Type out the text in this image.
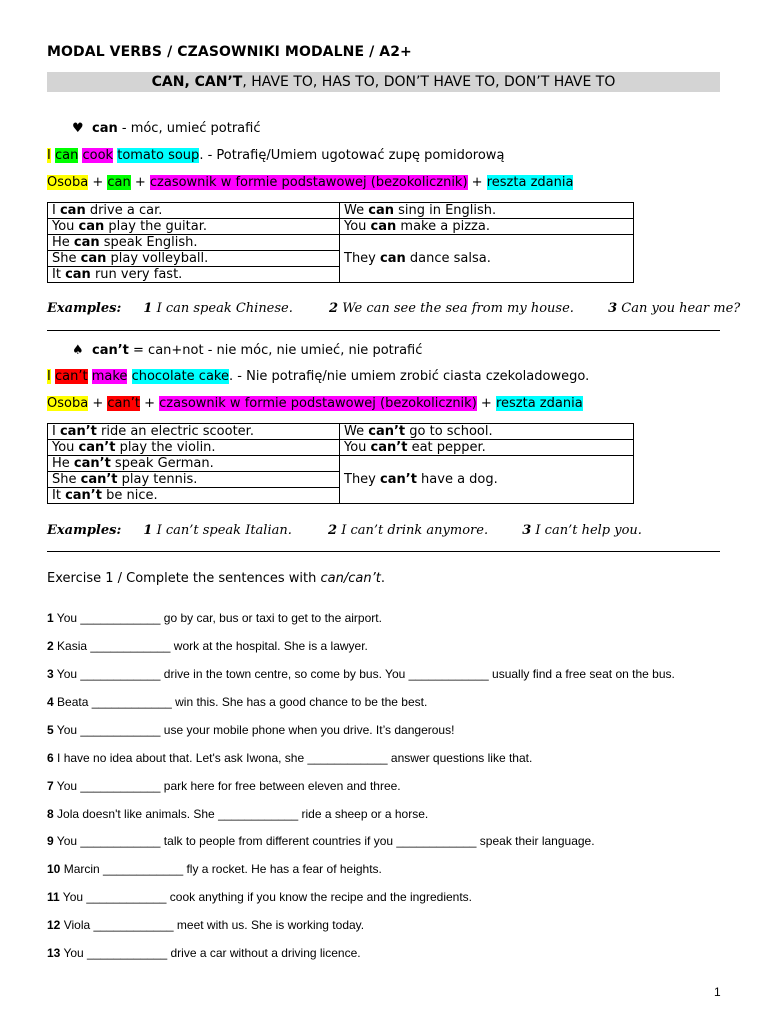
MODAL VERBS / CZASOWNIKI MODALNE / A2+
CAN, CAN’T, HAVE TO, HAS TO, DON’T HAVE TO, DON’T HAVE TO
♥ can - móc, umieć potrafić
I can cook tomato soup. - Potrafię/Umiem ugotować zupę pomidorową
Osoba + can + czasownik w formie podstawowej (bezokolicznik) + reszta zdania
I can drive a car.	We can sing in English.
You can play the guitar.	You can make a pizza.
He can speak English.	They can dance salsa.
She can play volleyball.	
It can run very fast.	
Examples: 1 I can speak Chinese.	2 We can see the sea from my house.	3 Can you hear me?
♠ can’t = can+not - nie móc, nie umieć, nie potrafić
I can’t make chocolate cake. - Nie potrafię/nie umiem zrobić ciasta czekoladowego.
Osoba + can’t + czasownik w formie podstawowej (bezokolicznik) + reszta zdania
I can’t ride an electric scooter.	We can’t go to school.
You can’t play the violin.	You can’t eat pepper.
He can’t speak German.	They can’t have a dog.
She can’t play tennis.	
It can’t be nice.	
Examples: 1 I can’t speak Italian.	2 I can’t drink anymore.	3 I can’t help you.
Exercise 1 / Complete the sentences with can/can’t.
1 You ____________ go by car, bus or taxi to get to the airport.
2 Kasia ____________ work at the hospital. She is a lawyer.
3 You ____________ drive in the town centre, so come by bus. You ____________ usually find a free seat on the bus.
4 Beata ____________ win this. She has a good chance to be the best.
5 You ____________ use your mobile phone when you drive. It’s dangerous!
6 I have no idea about that. Let's ask Iwona, she ____________ answer questions like that.
7 You ____________ park here for free between eleven and three.
8 Jola doesn't like animals. She ____________ ride a sheep or a horse.
9 You ____________ talk to people from different countries if you ____________ speak their language.
10 Marcin ____________ fly a rocket. He has a fear of heights.
11 You ____________ cook anything if you know the recipe and the ingredients.
12 Viola ____________ meet with us. She is working today.
13 You ____________ drive a car without a driving licence.
1
